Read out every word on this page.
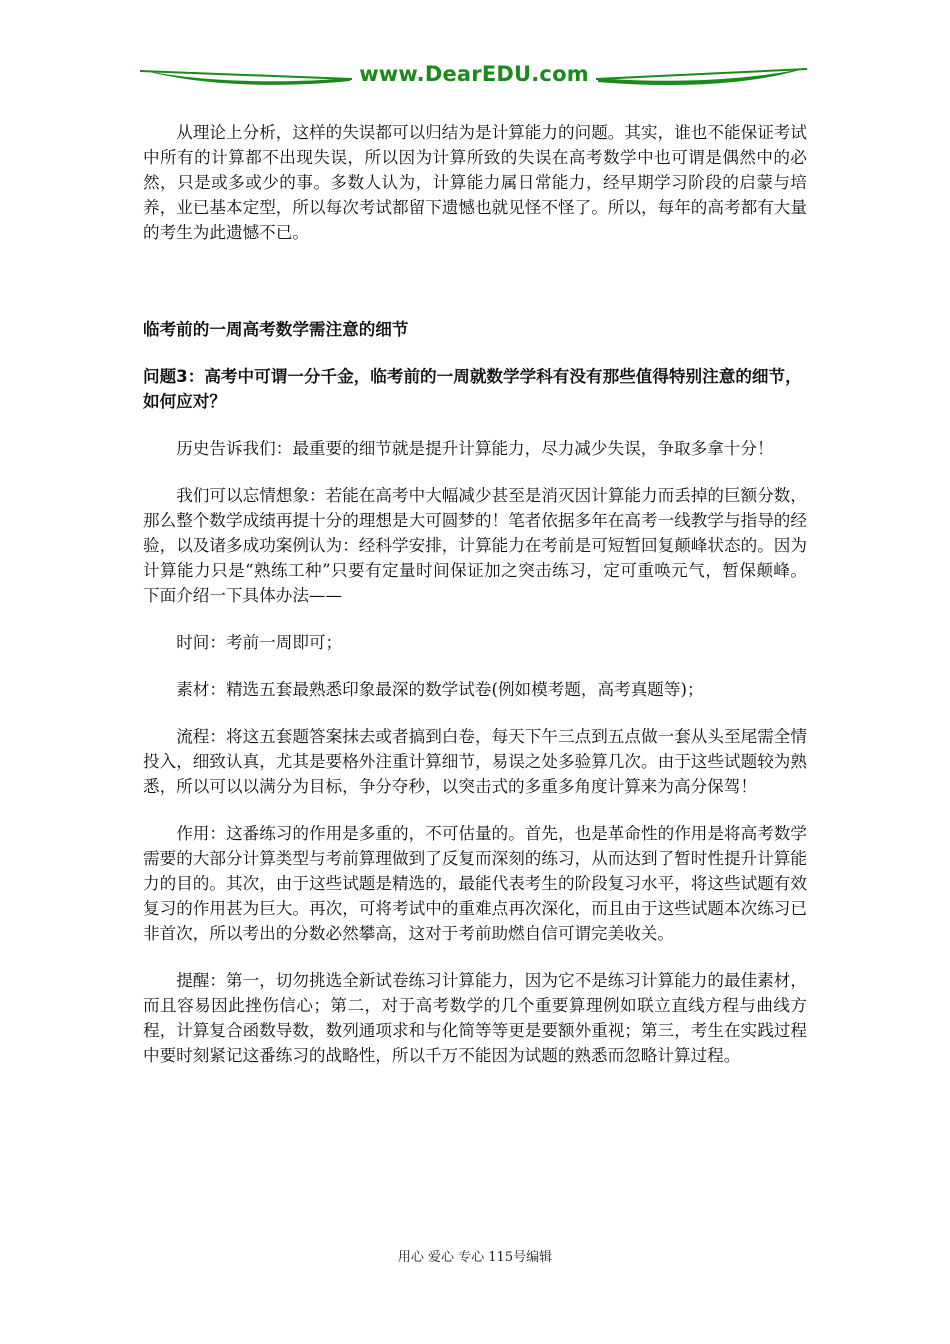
www.DearEDU.com

从理论上分析，这样的失误都可以归结为是计算能力的问题。其实，谁也不能保证考试中所有的计算都不出现失误，所以因为计算所致的失误在高考数学中也可谓是偶然中的必然，只是或多或少的事。多数人认为，计算能力属日常能力，经早期学习阶段的启蒙与培养，业已基本定型，所以每次考试都留下遗憾也就见怪不怪了。所以，每年的高考都有大量的考生为此遗憾不已。

临考前的一周高考数学需注意的细节
问题3：高考中可谓一分千金，临考前的一周就数学学科有没有那些值得特别注意的细节，如何应对？

历史告诉我们：最重要的细节就是提升计算能力，尽力减少失误，争取多拿十分！

我们可以忘情想象：若能在高考中大幅减少甚至是消灭因计算能力而丢掉的巨额分数，那么整个数学成绩再提十分的理想是大可圆梦的！笔者依据多年在高考一线教学与指导的经验，以及诸多成功案例认为：经科学安排，计算能力在考前是可短暂回复颠峰状态的。因为计算能力只是“熟练工种”只要有定量时间保证加之突击练习，定可重唤元气，暂保颠峰。下面介绍一下具体办法——

时间：考前一周即可；

素材：精选五套最熟悉印象最深的数学试卷(例如模考题，高考真题等)；

流程：将这五套题答案抹去或者搞到白卷，每天下午三点到五点做一套从头至尾需全情投入，细致认真，尤其是要格外注重计算细节，易误之处多验算几次。由于这些试题较为熟悉，所以可以以满分为目标，争分夺秒，以突击式的多重多角度计算来为高分保驾！

作用：这番练习的作用是多重的，不可估量的。首先，也是革命性的作用是将高考数学需要的大部分计算类型与考前算理做到了反复而深刻的练习，从而达到了暂时性提升计算能力的目的。其次，由于这些试题是精选的，最能代表考生的阶段复习水平，将这些试题有效复习的作用甚为巨大。再次，可将考试中的重难点再次深化，而且由于这些试题本次练习已非首次，所以考出的分数必然攀高，这对于考前助燃自信可谓完美收关。

提醒：第一，切勿挑选全新试卷练习计算能力，因为它不是练习计算能力的最佳素材，而且容易因此挫伤信心；第二，对于高考数学的几个重要算理例如联立直线方程与曲线方程，计算复合函数导数，数列通项求和与化简等等更是要额外重视；第三，考生在实践过程中要时刻紧记这番练习的战略性，所以千万不能因为试题的熟悉而忽略计算过程。

用心 爱心 专心 115号编辑
